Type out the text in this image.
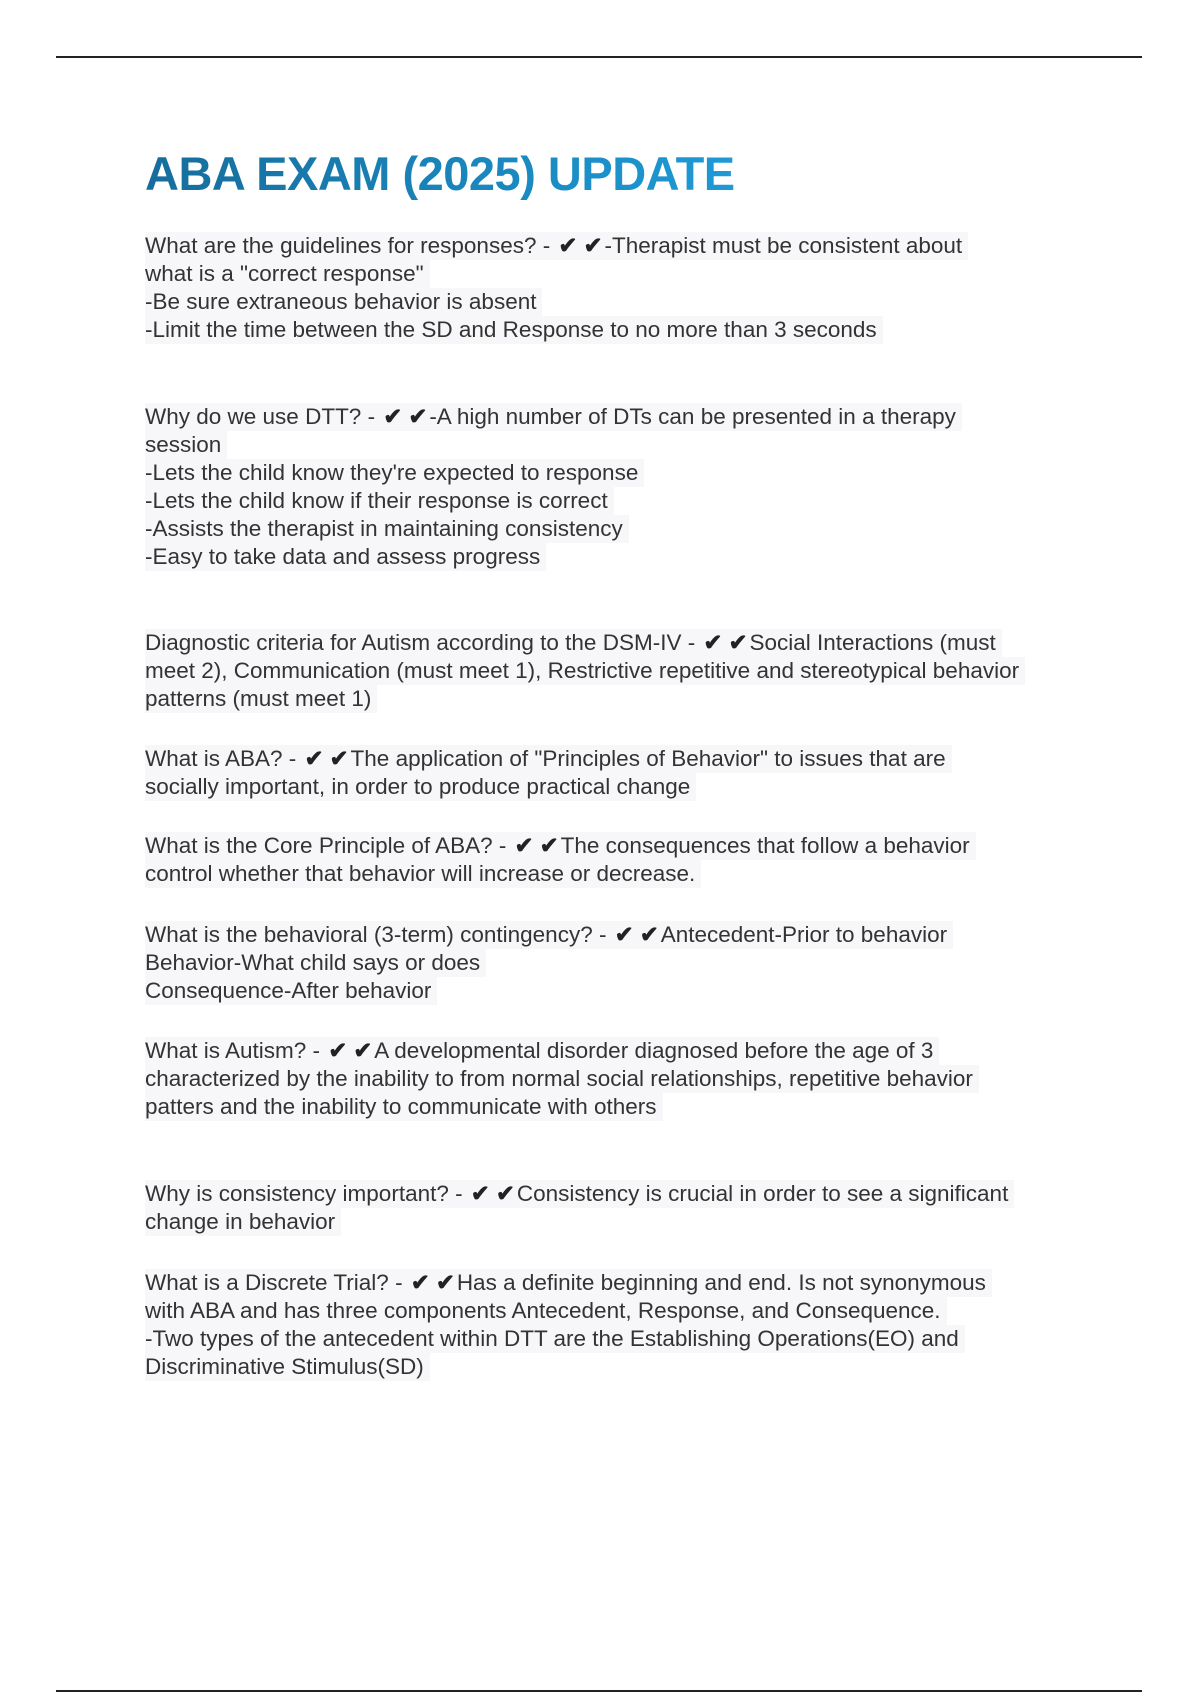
ABA EXAM (2025) UPDATE
What are the guidelines for responses? - ✔ ✔-Therapist must be consistent about
what is a "correct response"
-Be sure extraneous behavior is absent
-Limit the time between the SD and Response to no more than 3 seconds
Why do we use DTT? - ✔ ✔-A high number of DTs can be presented in a therapy
session
-Lets the child know they're expected to response
-Lets the child know if their response is correct
-Assists the therapist in maintaining consistency
-Easy to take data and assess progress
Diagnostic criteria for Autism according to the DSM-IV - ✔ ✔Social Interactions (must
meet 2), Communication (must meet 1), Restrictive repetitive and stereotypical behavior
patterns (must meet 1)
What is ABA? - ✔ ✔The application of "Principles of Behavior" to issues that are
socially important, in order to produce practical change
What is the Core Principle of ABA? - ✔ ✔The consequences that follow a behavior
control whether that behavior will increase or decrease.
What is the behavioral (3-term) contingency? - ✔ ✔Antecedent-Prior to behavior
Behavior-What child says or does
Consequence-After behavior
What is Autism? - ✔ ✔A developmental disorder diagnosed before the age of 3
characterized by the inability to from normal social relationships, repetitive behavior
patters and the inability to communicate with others
Why is consistency important? - ✔ ✔Consistency is crucial in order to see a significant
change in behavior
What is a Discrete Trial? - ✔ ✔Has a definite beginning and end. Is not synonymous
with ABA and has three components Antecedent, Response, and Consequence.
-Two types of the antecedent within DTT are the Establishing Operations(EO) and
Discriminative Stimulus(SD)
